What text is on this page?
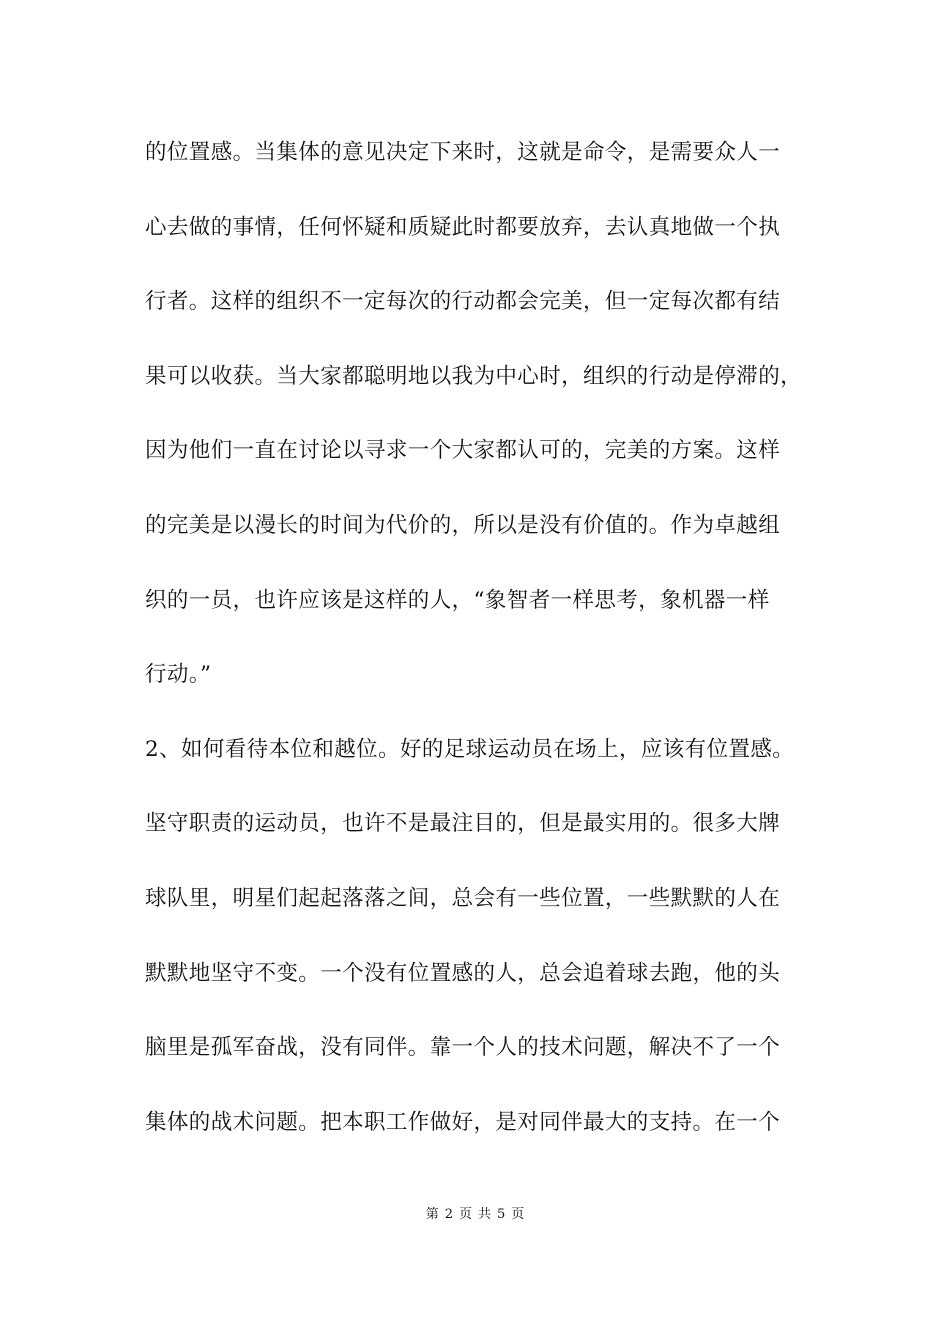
的位置感。当集体的意见决定下来时，这就是命令，是需要众人一
心去做的事情，任何怀疑和质疑此时都要放弃，去认真地做一个执
行者。这样的组织不一定每次的行动都会完美，但一定每次都有结
果可以收获。当大家都聪明地以我为中心时，组织的行动是停滞的，
因为他们一直在讨论以寻求一个大家都认可的，完美的方案。这样
的完美是以漫长的时间为代价的，所以是没有价值的。作为卓越组
织的一员，也许应该是这样的人，“象智者一样思考，象机器一样
行动。”
2、如何看待本位和越位。好的足球运动员在场上，应该有位置感。
坚守职责的运动员，也许不是最注目的，但是最实用的。很多大牌
球队里，明星们起起落落之间，总会有一些位置，一些默默的人在
默默地坚守不变。一个没有位置感的人，总会追着球去跑，他的头
脑里是孤军奋战，没有同伴。靠一个人的技术问题，解决不了一个
集体的战术问题。把本职工作做好，是对同伴最大的支持。在一个
第 2 页 共 5 页
